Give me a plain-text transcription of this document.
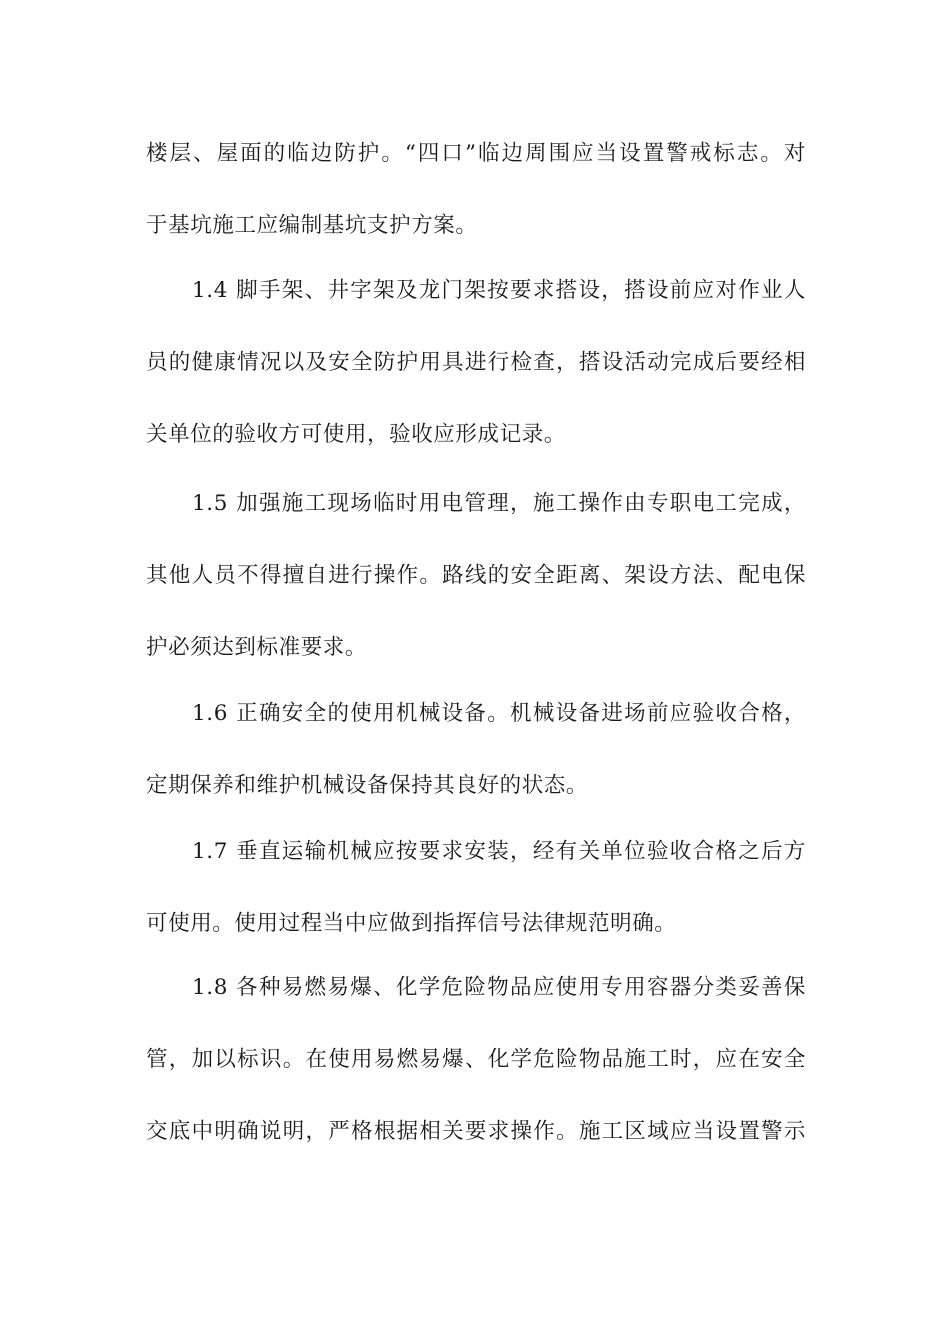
楼层、屋面的临边防护。“四口”临边周围应当设置警戒标志。对
于基坑施工应编制基坑支护方案。
1.4 脚手架、井字架及龙门架按要求搭设，搭设前应对作业人
员的健康情况以及安全防护用具进行检查，搭设活动完成后要经相
关单位的验收方可使用，验收应形成记录。
1.5 加强施工现场临时用电管理，施工操作由专职电工完成，
其他人员不得擅自进行操作。路线的安全距离、架设方法、配电保
护必须达到标准要求。
1.6 正确安全的使用机械设备。机械设备进场前应验收合格，
定期保养和维护机械设备保持其良好的状态。
1.7 垂直运输机械应按要求安装，经有关单位验收合格之后方
可使用。使用过程当中应做到指挥信号法律规范明确。
1.8 各种易燃易爆、化学危险物品应使用专用容器分类妥善保
管，加以标识。在使用易燃易爆、化学危险物品施工时，应在安全
交底中明确说明，严格根据相关要求操作。施工区域应当设置警示
